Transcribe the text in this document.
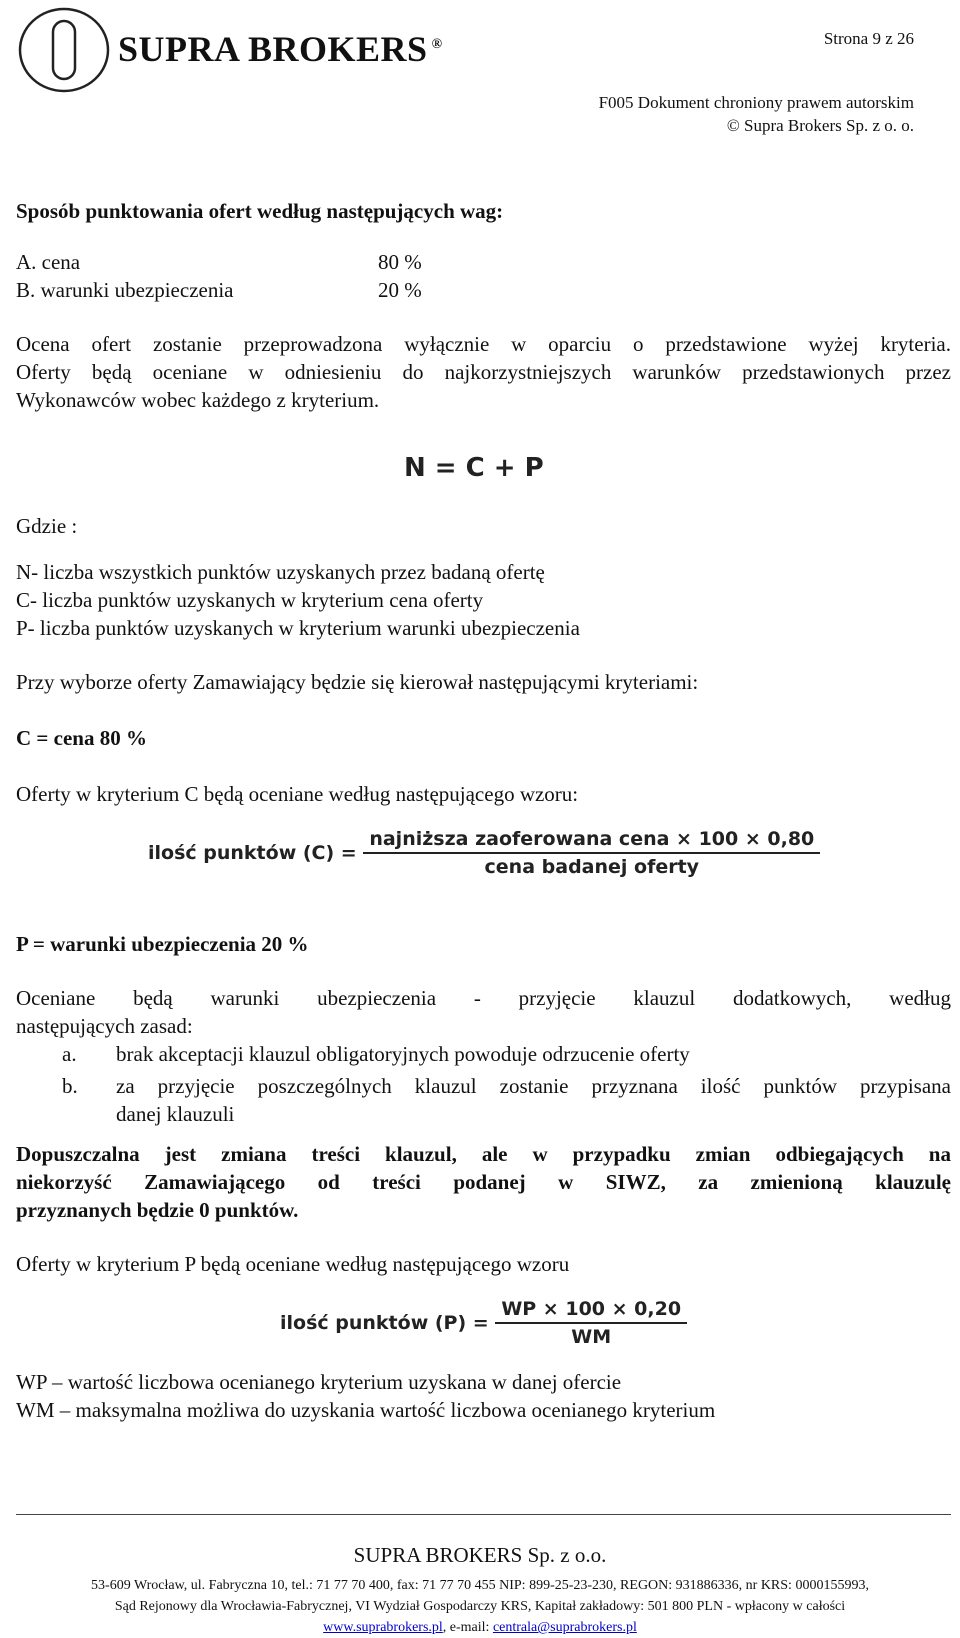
SUPRA BROKERS ®	Strona 9 z 26
F005 Dokument chroniony prawem autorskim
© Supra Brokers Sp. z o. o.
Sposób punktowania ofert według następujących wag:
A. cena	80 %
B. warunki ubezpieczenia	20 %
Ocena ofert zostanie przeprowadzona wyłącznie w oparciu o przedstawione wyżej kryteria.
Oferty będą oceniane w odniesieniu do najkorzystniejszych warunków przedstawionych przez
Wykonawców wobec każdego z kryterium.
N = C + P
Gdzie :
N- liczba wszystkich punktów uzyskanych przez badaną ofertę
C- liczba punktów uzyskanych w kryterium cena oferty
P- liczba punktów uzyskanych w kryterium warunki ubezpieczenia
Przy wyborze oferty Zamawiający będzie się kierował następującymi kryteriami:
C = cena 80 %
Oferty w kryterium C będą oceniane według następującego wzoru:
ilość punktów $(C) = \frac{\text{najniższa zaoferowana cena × 100 × 0,80}}{\text{cena badanej oferty}}$
P = warunki ubezpieczenia 20 %
Oceniane będą warunki ubezpieczenia - przyjęcie klauzul dodatkowych, według
następujących zasad:
a. brak akceptacji klauzul obligatoryjnych powoduje odrzucenie oferty
b. za przyjęcie poszczególnych klauzul zostanie przyznana ilość punktów przypisana
danej klauzuli
Dopuszczalna jest zmiana treści klauzul, ale w przypadku zmian odbiegających na
niekorzyść Zamawiającego od treści podanej w SIWZ, za zmienioną klauzulę
przyznanych będzie 0 punktów.
Oferty w kryterium P będą oceniane według następującego wzoru
ilość punktów $(P) = \frac{WP \times 100 \times 0,20}{WM}$
WP – wartość liczbowa ocenianego kryterium uzyskana w danej ofercie
WM – maksymalna możliwa do uzyskania wartość liczbowa ocenianego kryterium
SUPRA BROKERS Sp. z o.o.
53-609 Wrocław, ul. Fabryczna 10, tel.: 71 77 70 400, fax: 71 77 70 455 NIP: 899-25-23-230, REGON: 931886336, nr KRS: 0000155993,
Sąd Rejonowy dla Wrocławia-Fabrycznej, VI Wydział Gospodarczy KRS, Kapitał zakładowy: 501 800 PLN - wpłacony w całości
www.suprabrokers.pl, e-mail: centrala@suprabrokers.pl
